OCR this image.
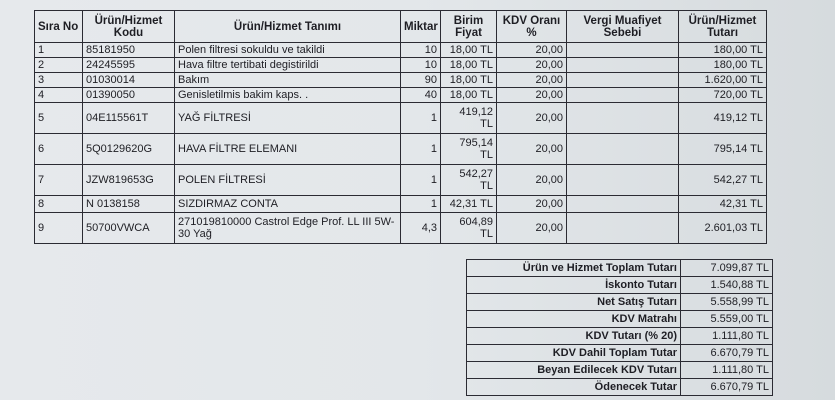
Sıra No	Ürün/Hizmet Kodu	Ürün/Hizmet Tanımı	Miktar	Birim Fiyat	KDV Oranı %	Vergi Muafiyet Sebebi	Ürün/Hizmet Tutarı
1	85181950	Polen filtresi sokuldu ve takildi	10	18,00 TL	20,00		180,00 TL
2	24245595	Hava filtre tertibati degistirildi	10	18,00 TL	20,00		180,00 TL
3	01030014	Bakım	90	18,00 TL	20,00		1.620,00 TL
4	01390050	Genisletilmis bakim kaps. .	40	18,00 TL	20,00		720,00 TL
5	04E115561T	YAĞ FİLTRESİ	1	419,12 TL	20,00		419,12 TL
6	5Q0129620G	HAVA FİLTRE ELEMANI	1	795,14 TL	20,00		795,14 TL
7	JZW819653G	POLEN FİLTRESİ	1	542,27 TL	20,00		542,27 TL
8	N 0138158	SIZDIRMAZ CONTA	1	42,31 TL	20,00		42,31 TL
9	50700VWCA	271019810000 Castrol Edge Prof. LL III 5W-30 Yağ	4,3	604,89 TL	20,00		2.601,03 TL
Ürün ve Hizmet Toplam Tutarı	7.099,87 TL
İskonto Tutarı	1.540,88 TL
Net Satış Tutarı	5.558,99 TL
KDV Matrahı	5.559,00 TL
KDV Tutarı (% 20)	1.111,80 TL
KDV Dahil Toplam Tutar	6.670,79 TL
Beyan Edilecek KDV Tutarı	1.111,80 TL
Ödenecek Tutar	6.670,79 TL
